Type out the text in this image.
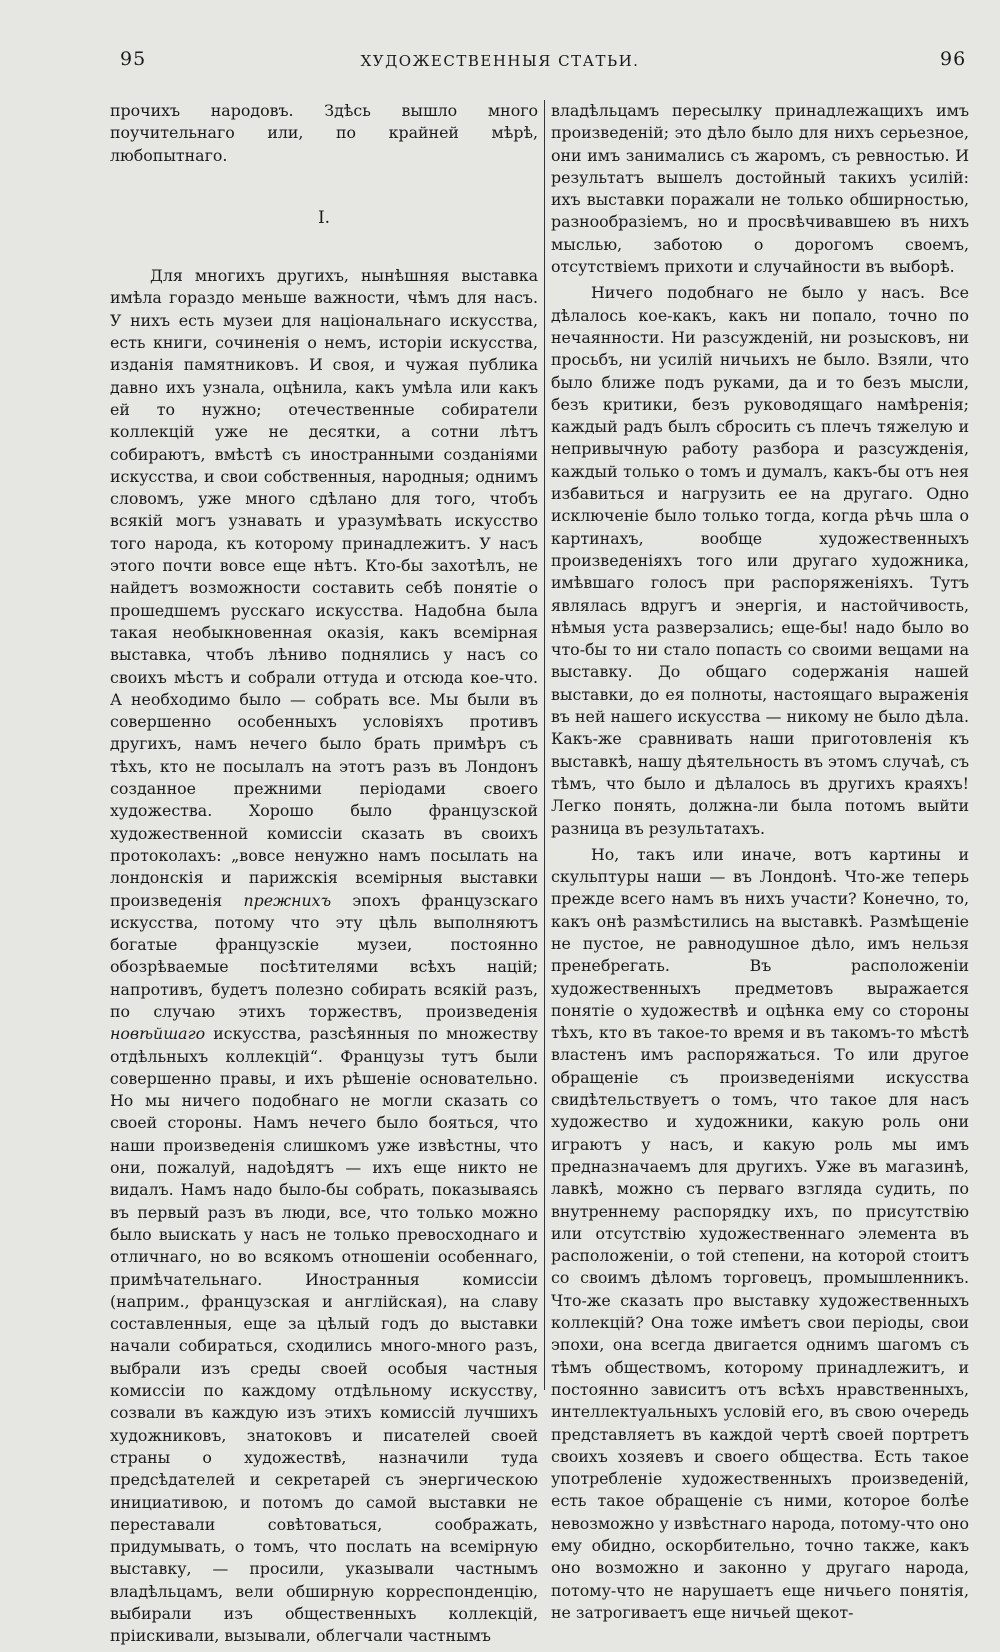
95	ХУДОЖЕСТВЕННЫЯ СТАТЬИ.	96

прочихъ народовъ. Здѣсь вышло много поучительнаго или, по крайней мѣрѣ, любопытнаго.

I.

Для многихъ другихъ, нынѣшняя выставка имѣла гораздо меньше важности, чѣмъ для насъ. У нихъ есть музеи для національнаго искусства, есть книги, сочиненія о немъ, исторіи искусства, изданія памятниковъ. И своя, и чужая публика давно ихъ узнала, оцѣнила, какъ умѣла или какъ ей то нужно; отечественные собиратели коллекцій уже не десятки, а сотни лѣтъ собираютъ, вмѣстѣ съ иностранными созданіями искусства, и свои собственныя, народныя; однимъ словомъ, уже много сдѣлано для того, чтобъ всякій могъ узнавать и уразумѣвать искусство того народа, къ которому принадлежитъ. У насъ этого почти вовсе еще нѣтъ. Кто-бы захотѣлъ, не найдетъ возможности составить себѣ понятіе о прошедшемъ русскаго искусства. Надобна была такая необыкновенная оказія, какъ всемірная выставка, чтобъ лѣниво поднялись у насъ со своихъ мѣстъ и собрали оттуда и отсюда кое-что. А необходимо было — собрать все. Мы были въ совершенно особенныхъ условіяхъ противъ другихъ, намъ нечего было брать примѣръ съ тѣхъ, кто не посылалъ на этотъ разъ въ Лондонъ созданное прежними періодами своего художества. Хорошо было французской художественной комиссіи сказать въ своихъ протоколахъ: „вовсе ненужно намъ посылать на лондонскія и парижскія всемірныя выставки произведенія прежнихъ эпохъ французскаго искусства, потому что эту цѣль выполняютъ богатые французскіе музеи, постоянно обозрѣваемые посѣтителями всѣхъ націй; напротивъ, будетъ полезно собирать всякій разъ, по случаю этихъ торжествъ, произведенія новѣйшаго искусства, разсѣянныя по множеству отдѣльныхъ коллекцій“. Французы тутъ были совершенно правы, и ихъ рѣшеніе основательно. Но мы ничего подобнаго не могли сказать со своей стороны. Намъ нечего было бояться, что наши произведенія слишкомъ уже извѣстны, что они, пожалуй, надоѣдятъ — ихъ еще никто не видалъ. Намъ надо было-бы собрать, показываясь въ первый разъ въ люди, все, что только можно было выискать у насъ не только превосходнаго и отличнаго, но во всякомъ отношеніи особеннаго, примѣчательнаго. Иностранныя комиссіи (наприм., французская и англійская), на славу составленныя, еще за цѣлый годъ до выставки начали собираться, сходились много-много разъ, выбрали изъ среды своей особыя частныя комиссіи по каждому отдѣльному искусству, созвали въ каждую изъ этихъ комиссій лучшихъ художниковъ, знатоковъ и писателей своей страны о художествѣ, назначили туда предсѣдателей и секретарей съ энергическою инициативою, и потомъ до самой выставки не переставали совѣтоваться, соображать, придумывать, о томъ, что послать на всемірную выставку, — просили, указывали частнымъ владѣльцамъ, вели обширную корреспонденцію, выбирали изъ общественныхъ коллекцій, пріискивали, вызывали, облегчали частнымъ

владѣльцамъ пересылку принадлежащихъ имъ произведеній; это дѣло было для нихъ серьезное, они имъ занимались съ жаромъ, съ ревностью. И результатъ вышелъ достойный такихъ усилій: ихъ выставки поражали не только обширностью, разнообразіемъ, но и просвѣчивавшею въ нихъ мыслью, заботою о дорогомъ своемъ, отсутствіемъ прихоти и случайности въ выборѣ.

Ничего подобнаго не было у насъ. Все дѣлалось кое-какъ, какъ ни попало, точно по нечаянности. Ни разсужденій, ни розысковъ, ни просьбъ, ни усилій ничьихъ не было. Взяли, что было ближе подъ руками, да и то безъ мысли, безъ критики, безъ руководящаго намѣренія; каждый радъ былъ сбросить съ плечъ тяжелую и непривычную работу разбора и разсужденія, каждый только о томъ и думалъ, какъ-бы отъ нея избавиться и нагрузить ее на другаго. Одно исключеніе было только тогда, когда рѣчь шла о картинахъ, вообще художественныхъ произведеніяхъ того или другаго художника, имѣвшаго голосъ при распоряженіяхъ. Тутъ являлась вдругъ и энергія, и настойчивость, нѣмыя уста разверзались; еще-бы! надо было во что-бы то ни стало попасть со своими вещами на выставку. До общаго содержанія нашей выставки, до ея полноты, настоящаго выраженія въ ней нашего искусства — никому не было дѣла. Какъ-же сравнивать наши приготовленія къ выставкѣ, нашу дѣятельность въ этомъ случаѣ, съ тѣмъ, что было и дѣлалось въ другихъ краяхъ! Легко понять, должна-ли была потомъ выйти разница въ результатахъ.

Но, такъ или иначе, вотъ картины и скульптуры наши — въ Лондонѣ. Что-же теперь прежде всего намъ въ нихъ участи? Конечно, то, какъ онѣ размѣстились на выставкѣ. Размѣщеніе не пустое, не равнодушное дѣло, имъ нельзя пренебрегать. Въ расположеніи художественныхъ предметовъ выражается понятіе о художествѣ и оцѣнка ему со стороны тѣхъ, кто въ такое-то время и въ такомъ-то мѣстѣ властенъ имъ распоряжаться. То или другое обращеніе съ произведеніями искусства свидѣтельствуетъ о томъ, что такое для насъ художество и художники, какую роль они играютъ у насъ, и какую роль мы имъ предназначаемъ для другихъ. Уже въ магазинѣ, лавкѣ, можно съ перваго взгляда судить, по внутреннему распорядку ихъ, по присутствію или отсутствію художественнаго элемента въ расположеніи, о той степени, на которой стоитъ со своимъ дѣломъ торговецъ, промышленникъ. Что-же сказать про выставку художественныхъ коллекцій? Она тоже имѣетъ свои періоды, свои эпохи, она всегда двигается однимъ шагомъ съ тѣмъ обществомъ, которому принадлежитъ, и постоянно зависитъ отъ всѣхъ нравственныхъ, интеллектуальныхъ условій его, въ свою очередь представляетъ въ каждой чертѣ своей портретъ своихъ хозяевъ и своего общества. Есть такое употребленіе художественныхъ произведеній, есть такое обращеніе съ ними, которое болѣе невозможно у извѣстнаго народа, потому-что оно ему обидно, оскорбительно, точно также, какъ оно возможно и законно у другаго народа, потому-что не нарушаетъ еще ничьего понятія, не затрогиваетъ еще ничьей щекот-
